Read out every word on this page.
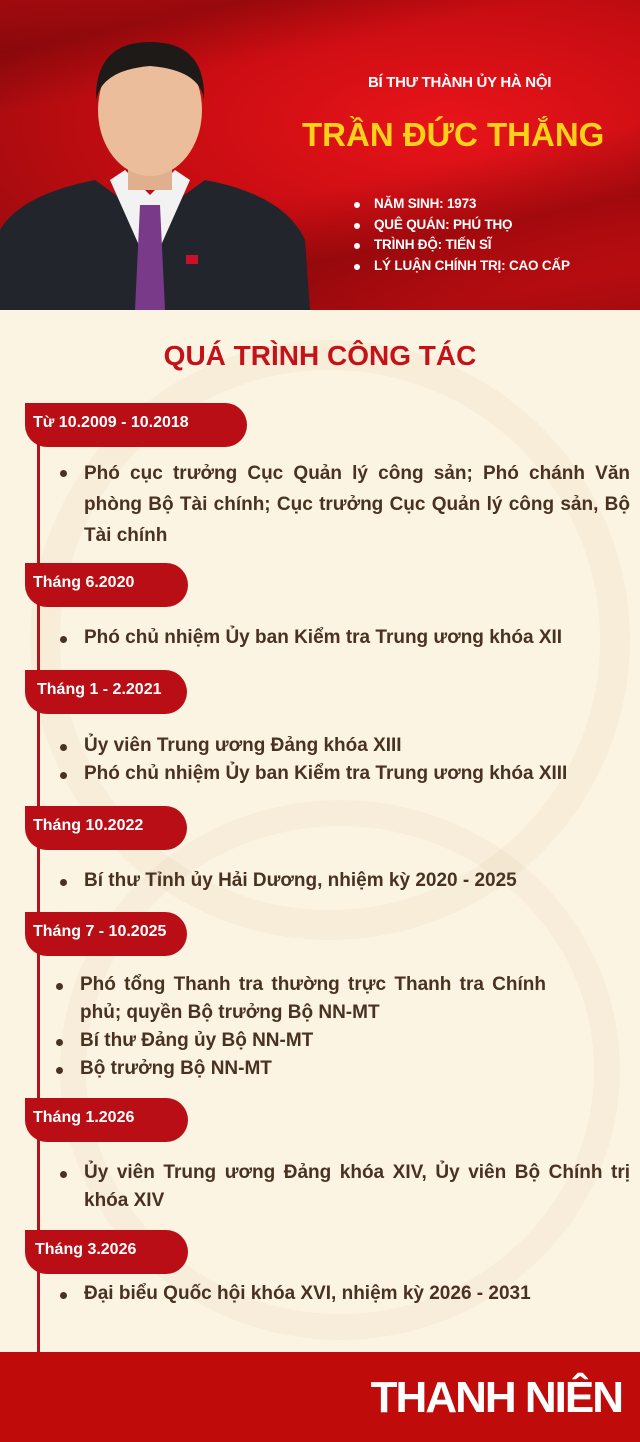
BÍ THƯ THÀNH ỦY HÀ NỘI
TRẦN ĐỨC THẮNG
NĂM SINH: 1973
QUÊ QUÁN: PHÚ THỌ
TRÌNH ĐỘ: TIẾN SĨ
LÝ LUẬN CHÍNH TRỊ: CAO CẤP
QUÁ TRÌNH CÔNG TÁC
Từ 10.2009 - 10.2018
Phó cục trưởng Cục Quản lý công sản; Phó chánh Văn phòng Bộ Tài chính; Cục trưởng Cục Quản lý công sản, Bộ Tài chính
Tháng 6.2020
Phó chủ nhiệm Ủy ban Kiểm tra Trung ương khóa XII
Tháng 1 - 2.2021
Ủy viên Trung ương Đảng khóa XIII
Phó chủ nhiệm Ủy ban Kiểm tra Trung ương khóa XIII
Tháng 10.2022
Bí thư Tỉnh ủy Hải Dương, nhiệm kỳ 2020 - 2025
Tháng 7 - 10.2025
Phó tổng Thanh tra thường trực Thanh tra Chính phủ; quyền Bộ trưởng Bộ NN-MT
Bí thư Đảng ủy Bộ NN-MT
Bộ trưởng Bộ NN-MT
Tháng 1.2026
Ủy viên Trung ương Đảng khóa XIV, Ủy viên Bộ Chính trị khóa XIV
Tháng 3.2026
Đại biểu Quốc hội khóa XVI, nhiệm kỳ 2026 - 2031
THANH NIÊN
